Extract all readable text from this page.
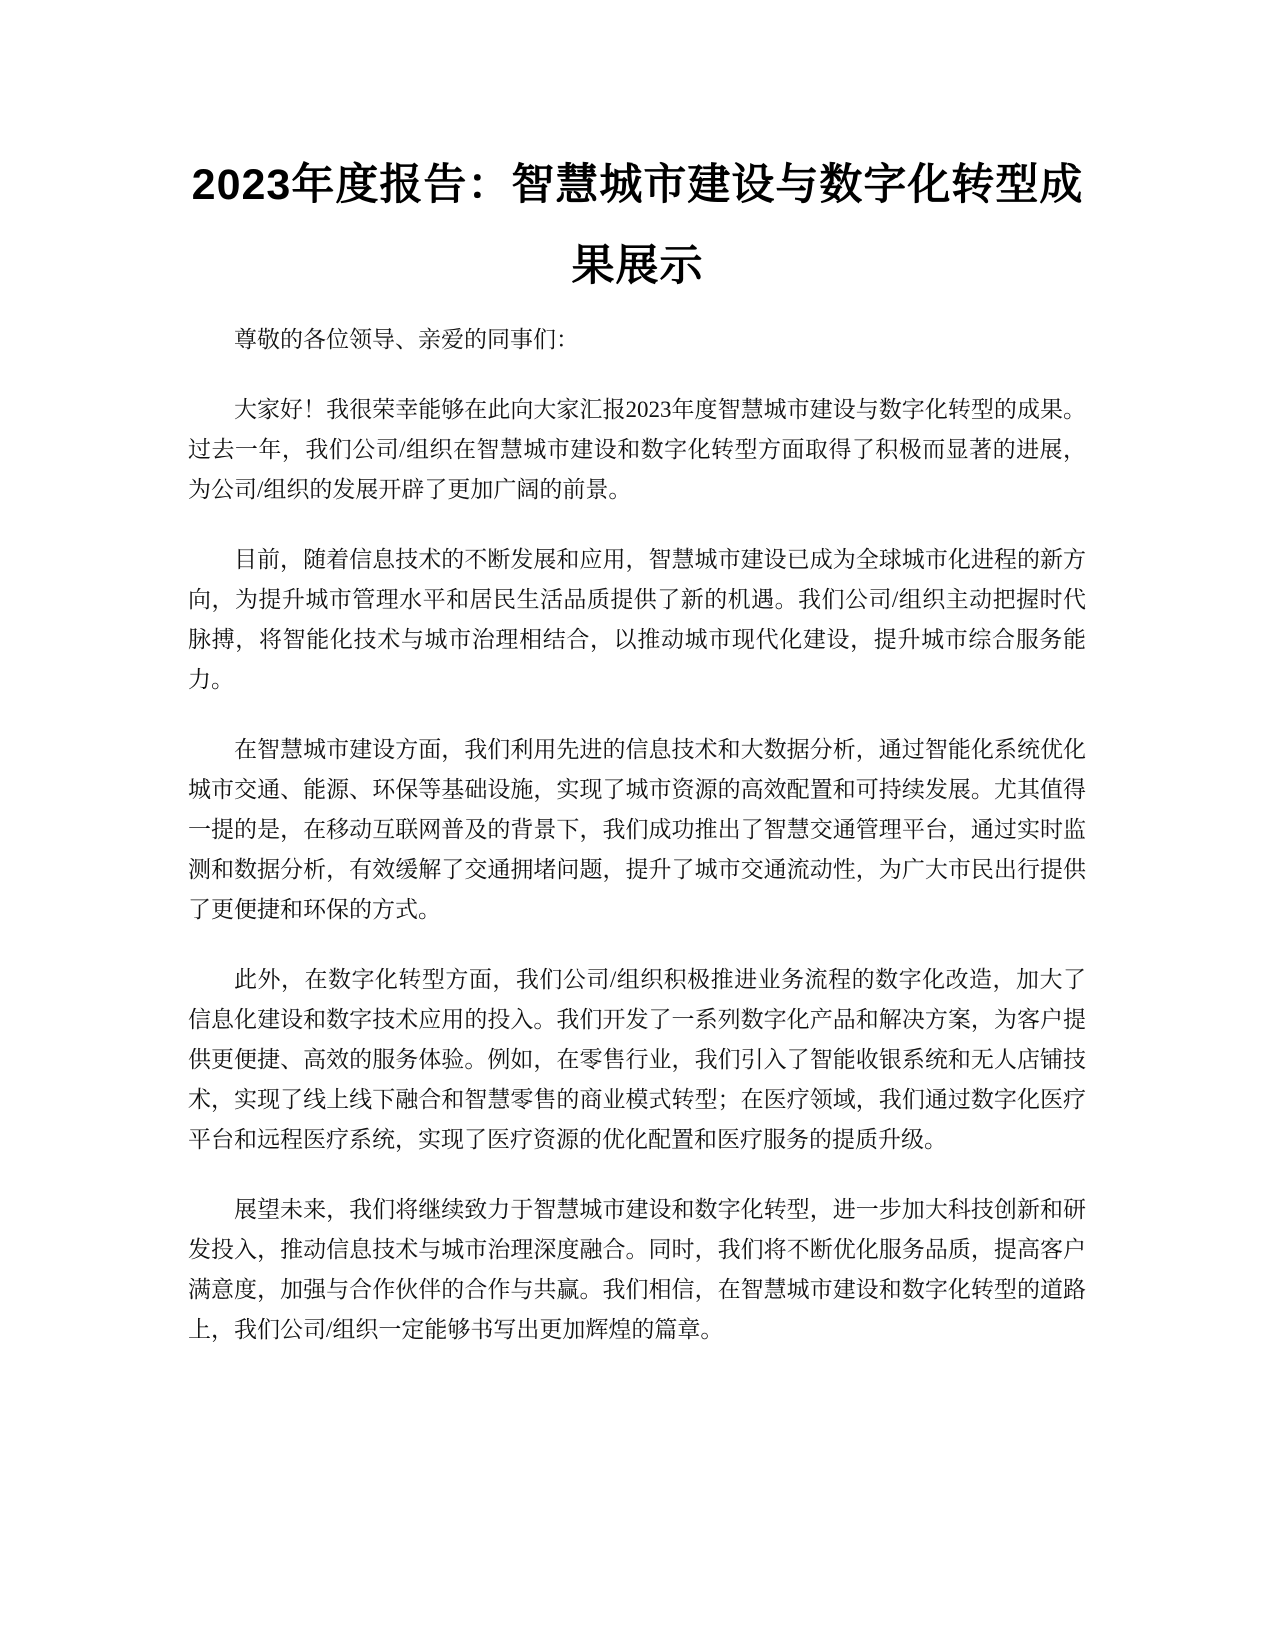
2023年度报告：智慧城市建设与数字化转型成果展示

尊敬的各位领导、亲爱的同事们：

大家好！我很荣幸能够在此向大家汇报2023年度智慧城市建设与数字化转型的成果。过去一年，我们公司/组织在智慧城市建设和数字化转型方面取得了积极而显著的进展，为公司/组织的发展开辟了更加广阔的前景。

目前，随着信息技术的不断发展和应用，智慧城市建设已成为全球城市化进程的新方向，为提升城市管理水平和居民生活品质提供了新的机遇。我们公司/组织主动把握时代脉搏，将智能化技术与城市治理相结合，以推动城市现代化建设，提升城市综合服务能力。

在智慧城市建设方面，我们利用先进的信息技术和大数据分析，通过智能化系统优化城市交通、能源、环保等基础设施，实现了城市资源的高效配置和可持续发展。尤其值得一提的是，在移动互联网普及的背景下，我们成功推出了智慧交通管理平台，通过实时监测和数据分析，有效缓解了交通拥堵问题，提升了城市交通流动性，为广大市民出行提供了更便捷和环保的方式。

此外，在数字化转型方面，我们公司/组织积极推进业务流程的数字化改造，加大了信息化建设和数字技术应用的投入。我们开发了一系列数字化产品和解决方案，为客户提供更便捷、高效的服务体验。例如，在零售行业，我们引入了智能收银系统和无人店铺技术，实现了线上线下融合和智慧零售的商业模式转型；在医疗领域，我们通过数字化医疗平台和远程医疗系统，实现了医疗资源的优化配置和医疗服务的提质升级。

展望未来，我们将继续致力于智慧城市建设和数字化转型，进一步加大科技创新和研发投入，推动信息技术与城市治理深度融合。同时，我们将不断优化服务品质，提高客户满意度，加强与合作伙伴的合作与共赢。我们相信，在智慧城市建设和数字化转型的道路上，我们公司/组织一定能够书写出更加辉煌的篇章。
